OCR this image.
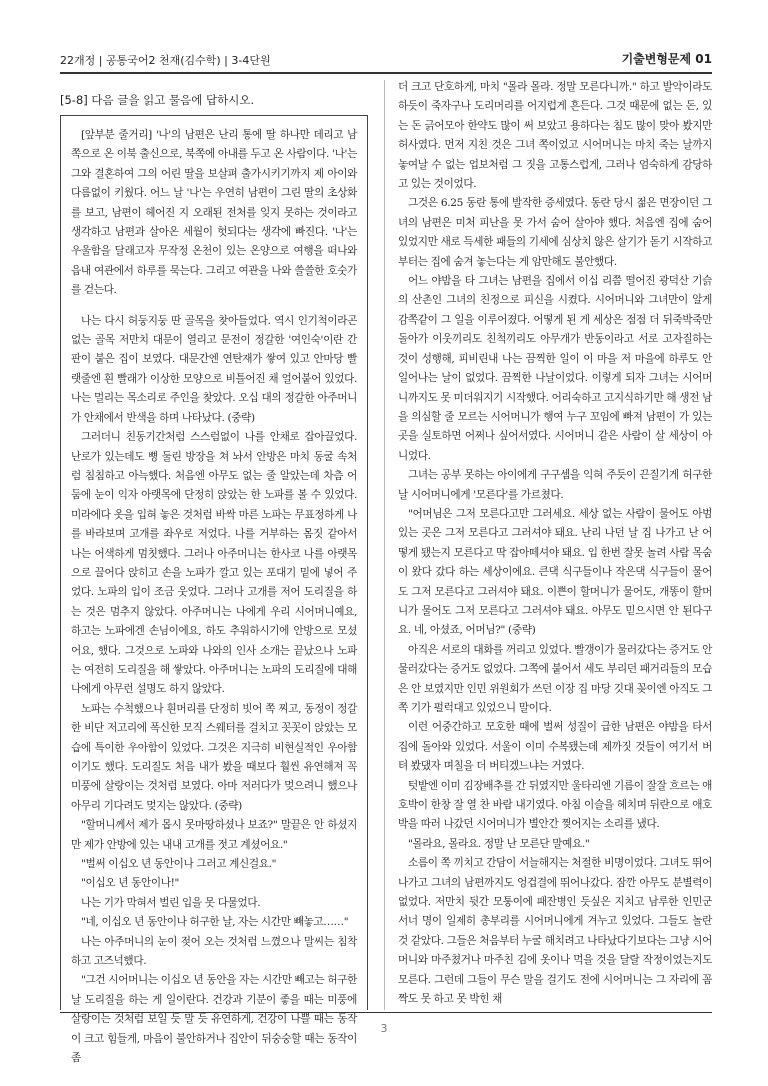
22개정 | 공통국어2 천재(김수학) | 3-4단원	기출변형문제 01
[5-8] 다음 글을 읽고 물음에 답하시오.

[앞부분 줄거리] '나'의 남편은 난리 통에 딸 하나만 데리고 남쪽으로 온 이북 출신으로, 북쪽에 아내를 두고 온 사람이다. '나'는 그와 결혼하여 그의 어린 딸을 보살펴 출가시키기까지 제 아이와 다름없이 키웠다. 어느 날 '나'는 우연히 남편이 그린 딸의 초상화를 보고, 남편이 헤어진 지 오래된 전처를 잊지 못하는 것이라고 생각하고 남편과 살아온 세월이 헛되다는 생각에 빠진다. '나'는 우울함을 달래고자 무작정 온천이 있는 온양으로 여행을 떠나와 읍내 여관에서 하루를 묵는다. 그리고 여관을 나와 쓸쓸한 호숫가를 걷는다.

나는 다시 허둥지둥 딴 골목을 찾아들었다. 역시 인기척이라곤 없는 골목 저만치 대문이 열리고 문전이 정갈한 '여인숙'이란 간판이 붙은 집이 보였다. 대문간엔 연탄재가 쌓여 있고 안마당 빨랫줄엔 흰 빨래가 이상한 모양으로 비틀어진 채 얼어붙어 있었다. 나는 멀리는 목소리로 주인을 찾았다. 오십 대의 정갈한 아주머니가 안채에서 반색을 하며 나타났다. (중략)

그러더니 친동기간처럼 스스럼없이 나를 안채로 잡아끌었다. 난로가 있는데도 뼝 둘린 방장을 쳐 놔서 안방은 마치 동굴 속처럼 침침하고 아늑했다. 처음엔 아무도 없는 줄 알았는데 차츰 어둠에 눈이 익자 아랫목에 단정히 앉았는 한 노파를 볼 수 있었다. 미라에다 옷을 입혀 놓은 것처럼 바싹 마른 노파는 무표정하게 나를 바라보며 고개를 좌우로 저었다. 나를 거부하는 몸짓 같아서 나는 어색하게 멈칫했다. 그러나 아주머니는 한사코 나를 아랫목으로 끌어다 앉히고 손을 노파가 깔고 있는 포대기 밑에 넣어 주었다. 노파의 입이 조금 웃었다. 그러나 고개를 저어 도리질을 하는 것은 멈추지 않았다. 아주머니는 나에게 우리 시어머니예요, 하고는 노파에겐 손님이에요, 하도 추워하시기에 안방으로 모셨어요, 했다. 그것으로 노파와 나와의 인사 소개는 끝났으나 노파는 여전히 도리질을 해 쌓았다. 아주머니는 노파의 도리질에 대해 나에게 아무런 설명도 하지 않았다.

노파는 수척했으나 흰머리를 단정히 빗어 쪽 찌고, 동정이 정갈한 비단 저고리에 폭신한 모직 스웨터를 걸치고 꼿꼿이 앉았는 모습에 특이한 우아함이 있었다. 그것은 지극히 비현실적인 우아함이기도 했다. 도리질도 처음 내가 봤을 때보다 훨씬 유연해져 꼭 미풍에 살랑이는 것처럼 보였다. 아마 저러다가 멎으려니 했으나 아무리 기다려도 멎지는 않았다. (중략)

"할머니께서 제가 몹시 못마땅하셨나 보죠?" 말끝은 안 하셨지만 제가 안방에 있는 내내 고개를 젓고 계셨어요."

"벌써 이십오 년 동안이나 그러고 계신걸요."

"이십오 년 동안이나!"

나는 기가 막혀서 벌린 입을 못 다물었다.

"네, 이십오 년 동안이나 허구한 날, 자는 시간만 빼놓고……"

나는 아주머니의 눈이 젖어 오는 것처럼 느꼈으나 말씨는 침착하고 고즈넉했다.

"그건 시어머니는 이십오 년 동안을 자는 시간만 빼고는 허구한 날 도리질을 하는 게 일이란다. 건강과 기분이 좋을 때는 미풍에 살랑이는 것처럼 보일 듯 말 듯 유연하게, 건강이 나쁠 때는 동작이 크고 힘들게, 마음이 불안하거나 집안이 뒤숭숭할 때는 동작이 좀

더 크고 단호하게, 마치 "몰라 몰라. 정말 모른다니까." 하고 발악이라도 하듯이 죽자구나 도리머리를 어지럽게 흔든다. 그것 때문에 없는 돈, 있는 돈 긁어모아 한약도 많이 써 보았고 용하다는 침도 많이 맞아 봤지만 허사였다. 먼저 지친 것은 그녀 쪽이었고 시어머니는 마치 죽는 날까지 놓여날 수 없는 업보처럼 그 짓을 고통스럽게, 그러나 엄숙하게 감당하고 있는 것이었다.

그것은 6.25 동란 통에 발작한 증세였다. 동란 당시 젊은 면장이던 그녀의 남편은 미처 피난을 못 가서 숨어 살아야 했다. 처음엔 집에 숨어 있었지만 새로 득세한 패들의 기세에 심상치 않은 살기가 돋기 시작하고부터는 집에 숨겨 놓는다는 게 암만해도 불안했다.

어느 야밤을 타 그녀는 남편을 집에서 이십 리쯤 떨어진 광덕산 기슭의 산촌인 그녀의 친정으로 피신을 시켰다. 시어머니와 그녀만이 알게 감쪽같이 그 일을 이루어졌다. 어떻게 된 게 세상은 점점 더 뒤죽박죽만 돌아가 이웃끼리도 친척끼리도 아무개가 반동이라고 서로 고자질하는 것이 성행해, 피비린내 나는 끔찍한 일이 이 마을 저 마을에 하루도 안 일어나는 날이 없었다. 끔찍한 나날이었다. 이렇게 되자 그녀는 시어머니까지도 못 미더워지기 시작했다. 어리숙하고 고지식하기만 해 생전 남을 의심할 줄 모르는 시어머니가 행여 누구 꼬임에 빠져 남편이 가 있는 곳을 실토하면 어쩌나 싶어서였다. 시어머니 같은 사람이 살 세상이 아니었다.

그녀는 공부 못하는 아이에게 구구셈을 익혀 주듯이 끈질기게 허구한 날 시어머니에게 '모른다'를 가르쳤다.

"어머님은 그저 모른다고만 그러세요. 세상 없는 사람이 물어도 아범 있는 곳은 그저 모른다고 그러셔야 돼요. 난리 나던 날 집 나가고 난 어떻게 됐는지 모른다고 딱 잡아떼셔야 돼요. 입 한번 잘못 놀려 사람 목숨이 왔다 갔다 하는 세상이에요. 큰댁 식구들이나 작은댁 식구들이 물어도 그저 모른다고 그러셔야 돼요. 이쁜이 할머니가 물어도, 개똥이 할머니가 물어도 그저 모른다고 그러셔야 돼요. 아무도 믿으시면 안 된다구요. 네, 아셨죠, 어머님?" (중략)

아직은 서로의 대화를 꺼리고 있었다. 빨갱이가 물러갔다는 증거도 안 물러갔다는 증거도 없었다. 그쪽에 붙어서 세도 부리던 패거리들의 모습은 안 보였지만 인민 위원회가 쓰던 이장 집 마당 깃대 꽂이엔 아직도 그쪽 기가 펄럭대고 있었으니 말이다.

이런 어중간하고 모호한 때에 벌써 성질이 급한 남편은 야밤을 타서 집에 돌아와 있었다. 서울이 이미 수복됐는데 제까짓 것들이 여기서 버텨 봤댔자 며칠을 더 버티겠느냐는 거였다.

텃밭엔 이미 김장배추를 간 뒤였지만 울타리엔 기름이 잘잘 흐르는 애호박이 한창 잘 열 찬 바람 내기였다. 아침 이슬을 헤치며 뒤란으로 애호박을 따러 나갔던 시어머니가 별안간 찢어지는 소리를 냈다.

"몰라요, 몰라요. 정말 난 모른단 말예요."

소름이 쪽 끼치고 간담이 서늘해지는 처절한 비명이었다. 그녀도 뛰어나가고 그녀의 남편까지도 엉겁결에 뛰어나갔다. 잠깐 아무도 분별력이 없었다. 저만치 뒷간 모퉁이에 패잔병인 듯싶은 지치고 남루한 인민군 서너 명이 일제히 총부리를 시어머니에게 겨누고 있었다. 그들도 놀란 것 같았다. 그들은 처음부터 누굴 해치려고 나타났다기보다는 그냥 시어머니와 마주쳤거나 마주친 김에 옷이나 먹을 것을 달랄 작정이었는지도 모른다. 그런데 그들이 무슨 말을 걸기도 전에 시어머니는 그 자리에 꼼짝도 못 하고 못 박힌 채

3
